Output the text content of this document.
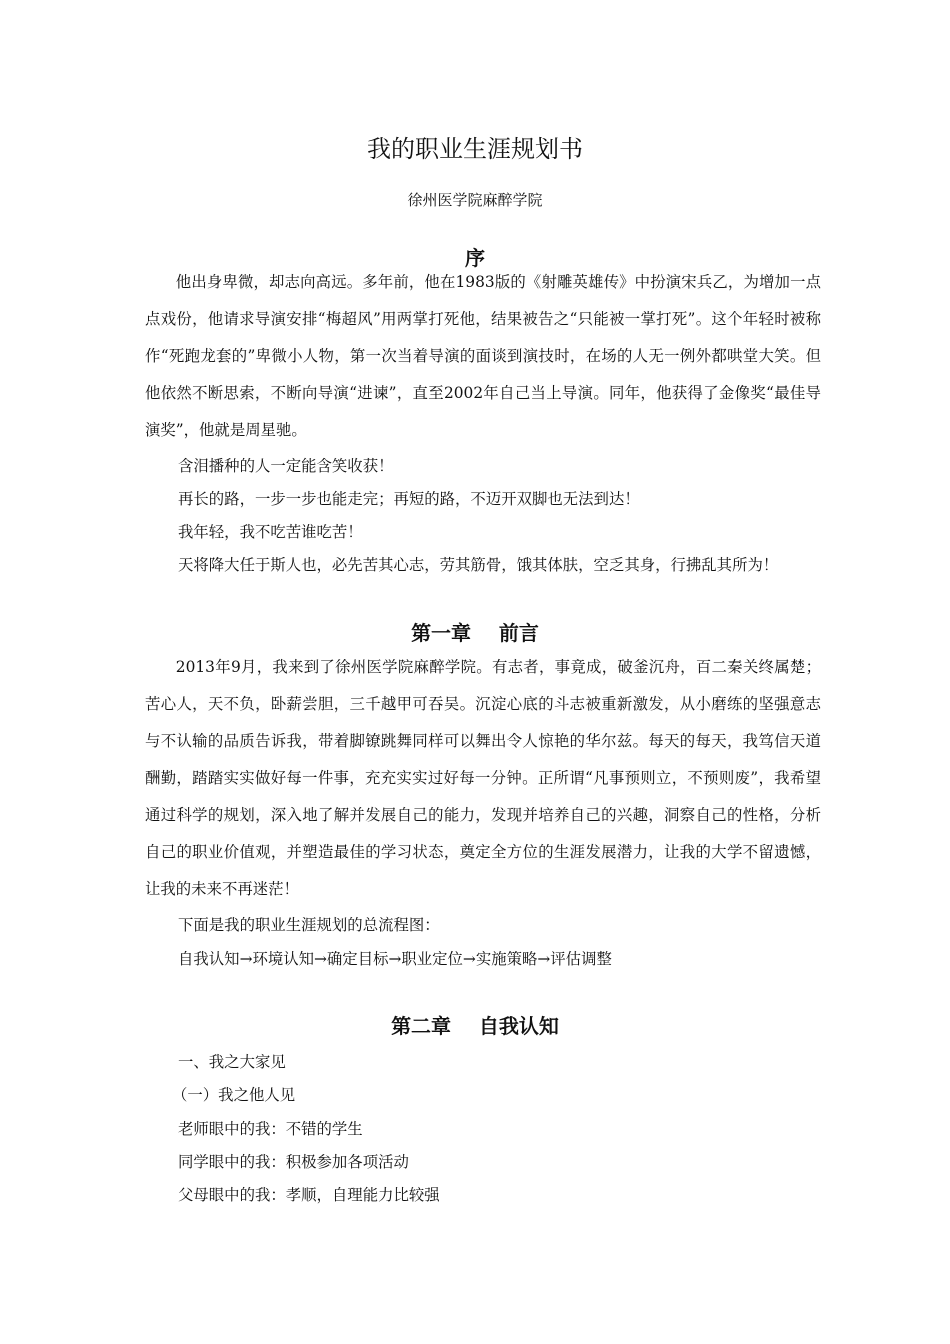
我的职业生涯规划书

徐州医学院麻醉学院

序

他出身卑微，却志向高远。多年前，他在1983版的《射雕英雄传》中扮演宋兵乙，为增加一点点戏份，他请求导演安排“梅超风”用两掌打死他，结果被告之“只能被一掌打死”。这个年轻时被称作“死跑龙套的”卑微小人物，第一次当着导演的面谈到演技时，在场的人无一例外都哄堂大笑。但他依然不断思索，不断向导演“进谏”，直至2002年自己当上导演。同年，他获得了金像奖“最佳导演奖”，他就是周星驰。

含泪播种的人一定能含笑收获！

再长的路，一步一步也能走完；再短的路，不迈开双脚也无法到达！

我年轻，我不吃苦谁吃苦！

天将降大任于斯人也，必先苦其心志，劳其筋骨，饿其体肤，空乏其身，行拂乱其所为！

第一章    前言

2013年9月，我来到了徐州医学院麻醉学院。有志者，事竟成，破釜沉舟，百二秦关终属楚；苦心人，天不负，卧薪尝胆，三千越甲可吞吴。沉淀心底的斗志被重新激发，从小磨练的坚强意志与不认输的品质告诉我，带着脚镣跳舞同样可以舞出令人惊艳的华尔兹。每天的每天，我笃信天道酬勤，踏踏实实做好每一件事，充充实实过好每一分钟。正所谓“凡事预则立，不预则废”，我希望通过科学的规划，深入地了解并发展自己的能力，发现并培养自己的兴趣，洞察自己的性格，分析自己的职业价值观，并塑造最佳的学习状态，奠定全方位的生涯发展潜力，让我的大学不留遗憾，让我的未来不再迷茫！

下面是我的职业生涯规划的总流程图：

自我认知→环境认知→确定目标→职业定位→实施策略→评估调整

第二章    自我认知

一、我之大家见

（一）我之他人见

老师眼中的我：不错的学生

同学眼中的我：积极参加各项活动

父母眼中的我：孝顺，自理能力比较强
